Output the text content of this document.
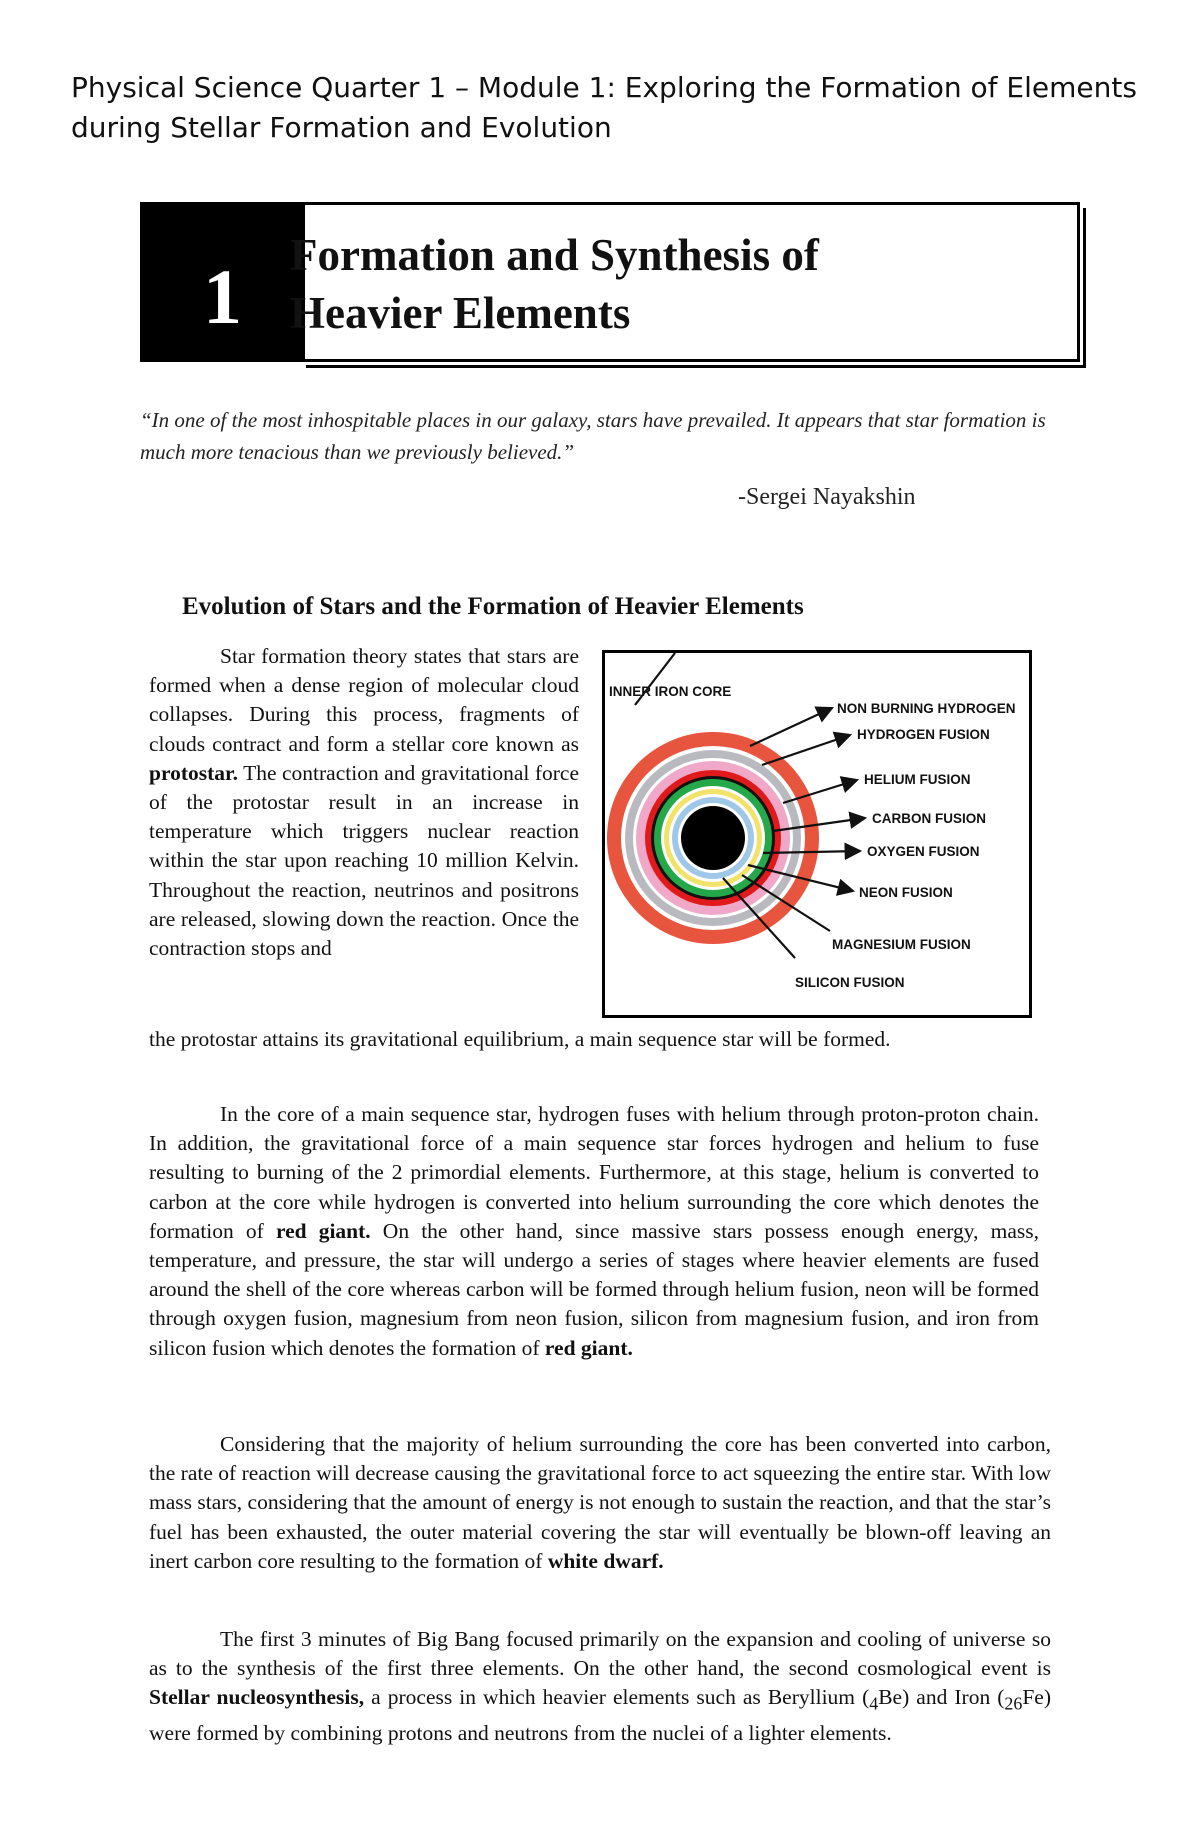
Physical Science Quarter 1 – Module 1: Exploring the Formation of Elements during Stellar Formation and Evolution
1	Formation and Synthesis of Heavier Elements
“In one of the most inhospitable places in our galaxy, stars have prevailed. It appears that star formation is much more tenacious than we previously believed.”
-Sergei Nayakshin
Evolution of Stars and the Formation of Heavier Elements

Star formation theory states that stars are formed when a dense region of molecular cloud collapses. During this process, fragments of clouds contract and form a stellar core known as protostar. The contraction and gravitational force of the protostar result in an increase in temperature which triggers nuclear reaction within the star upon reaching 10 million Kelvin. Throughout the reaction, neutrinos and positrons are released, slowing down the reaction. Once the contraction stops and

INNER IRON CORE
NON BURNING HYDROGEN
HYDROGEN FUSION
HELIUM FUSION
CARBON FUSION
OXYGEN FUSION
NEON FUSION
MAGNESIUM FUSION
SILICON FUSION

the protostar attains its gravitational equilibrium, a main sequence star will be formed.

In the core of a main sequence star, hydrogen fuses with helium through proton-proton chain. In addition, the gravitational force of a main sequence star forces hydrogen and helium to fuse resulting to burning of the 2 primordial elements. Furthermore, at this stage, helium is converted to carbon at the core while hydrogen is converted into helium surrounding the core which denotes the formation of red giant. On the other hand, since massive stars possess enough energy, mass, temperature, and pressure, the star will undergo a series of stages where heavier elements are fused around the shell of the core whereas carbon will be formed through helium fusion, neon will be formed through oxygen fusion, magnesium from neon fusion, silicon from magnesium fusion, and iron from silicon fusion which denotes the formation of red giant.

Considering that the majority of helium surrounding the core has been converted into carbon, the rate of reaction will decrease causing the gravitational force to act squeezing the entire star. With low mass stars, considering that the amount of energy is not enough to sustain the reaction, and that the star’s fuel has been exhausted, the outer material covering the star will eventually be blown-off leaving an inert carbon core resulting to the formation of white dwarf.

The first 3 minutes of Big Bang focused primarily on the expansion and cooling of universe so as to the synthesis of the first three elements. On the other hand, the second cosmological event is Stellar nucleosynthesis, a process in which heavier elements such as Beryllium $(_4Be)$ and Iron $(_{26}Fe)$ were formed by combining protons and neutrons from the nuclei of a lighter elements.
